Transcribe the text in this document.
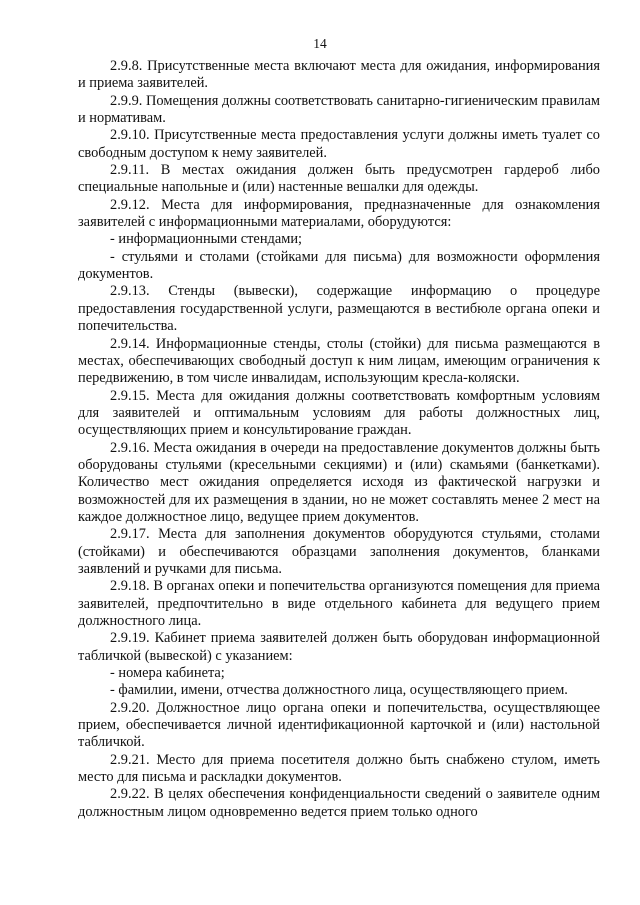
14

2.9.8. Присутственные места включают места для ожидания, информирования и приема заявителей.

2.9.9. Помещения должны соответствовать санитарно-гигиеническим правилам и нормативам.

2.9.10. Присутственные места предоставления услуги должны иметь туалет со свободным доступом к нему заявителей.

2.9.11. В местах ожидания должен быть предусмотрен гардероб либо специальные напольные и (или) настенные вешалки для одежды.

2.9.12. Места для информирования, предназначенные для ознакомления заявителей с информационными материалами, оборудуются:

- информационными стендами;

- стульями и столами (стойками для письма) для возможности оформления документов.

2.9.13. Стенды (вывески), содержащие информацию о процедуре предоставления государственной услуги, размещаются в вестибюле органа опеки и попечительства.

2.9.14. Информационные стенды, столы (стойки) для письма размещаются в местах, обеспечивающих свободный доступ к ним лицам, имеющим ограничения к передвижению, в том числе инвалидам, использующим кресла-коляски.

2.9.15. Места для ожидания должны соответствовать комфортным условиям для заявителей и оптимальным условиям для работы должностных лиц, осуществляющих прием и консультирование граждан.

2.9.16. Места ожидания в очереди на предоставление документов должны быть оборудованы стульями (кресельными секциями) и (или) скамьями (банкетками). Количество мест ожидания определяется исходя из фактической нагрузки и возможностей для их размещения в здании, но не может составлять менее 2 мест на каждое должностное лицо, ведущее прием документов.

2.9.17. Места для заполнения документов оборудуются стульями, столами (стойками) и обеспечиваются образцами заполнения документов, бланками заявлений и ручками для письма.

2.9.18. В органах опеки и попечительства организуются помещения для приема заявителей, предпочтительно в виде отдельного кабинета для ведущего прием должностного лица.

2.9.19. Кабинет приема заявителей должен быть оборудован информационной табличкой (вывеской) с указанием:

- номера кабинета;

- фамилии, имени, отчества должностного лица, осуществляющего прием.

2.9.20. Должностное лицо органа опеки и попечительства, осуществляющее прием, обеспечивается личной идентификационной карточкой и (или) настольной табличкой.

2.9.21. Место для приема посетителя должно быть снабжено стулом, иметь место для письма и раскладки документов.

2.9.22. В целях обеспечения конфиденциальности сведений о заявителе одним должностным лицом одновременно ведется прием только одного
